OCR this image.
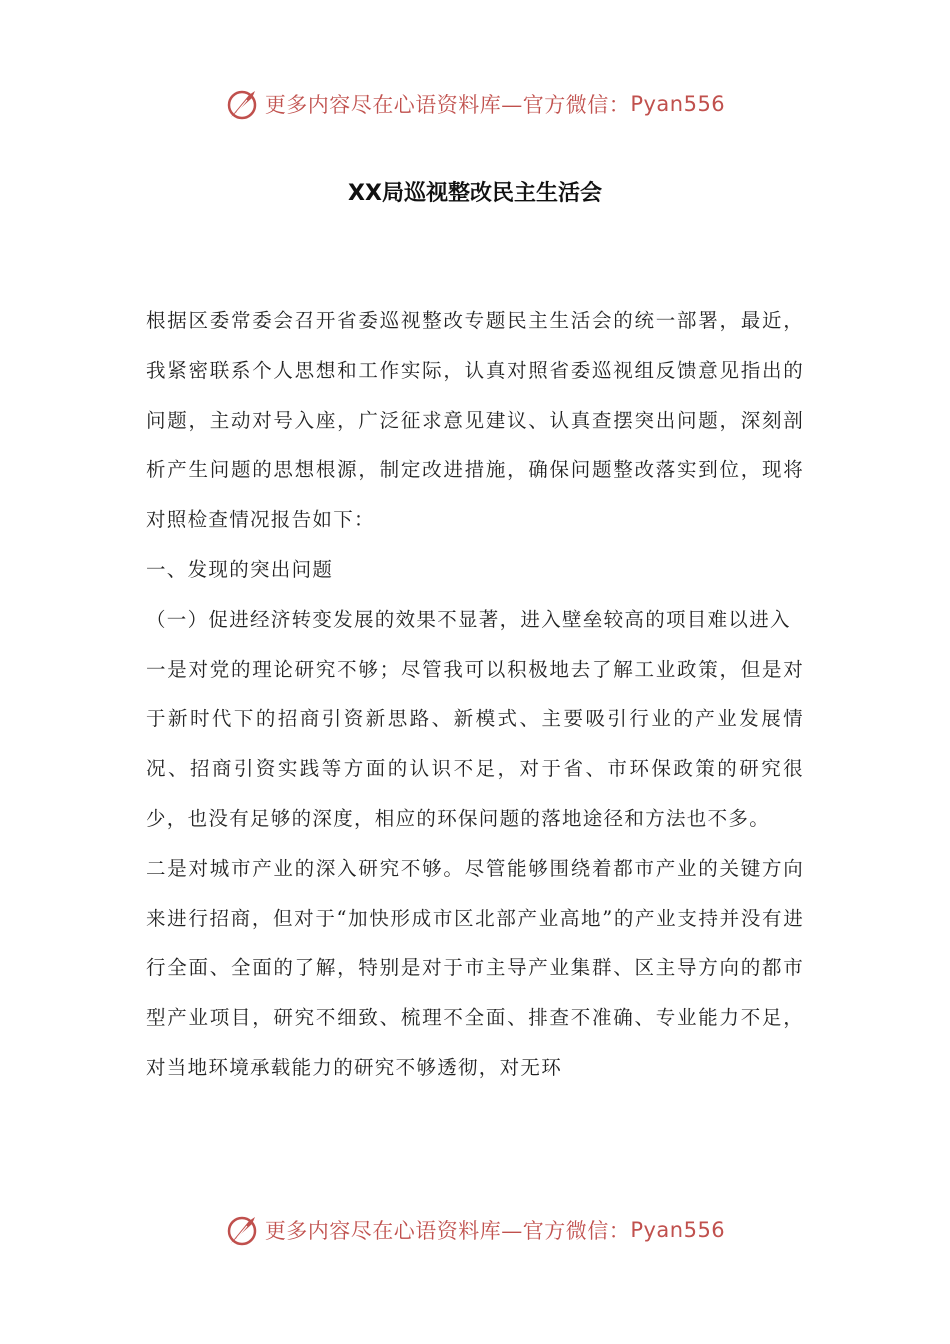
更多内容尽在心语资料库—官方微信： Pyan556
XX局巡视整改民主生活会

根据区委常委会召开省委巡视整改专题民主生活会的统一部署，最近，我紧密联系个人思想和工作实际，认真对照省委巡视组反馈意见指出的问题，主动对号入座，广泛征求意见建议、认真查摆突出问题，深刻剖析产生问题的思想根源，制定改进措施，确保问题整改落实到位，现将对照检查情况报告如下：

一、发现的突出问题

（一）促进经济转变发展的效果不显著，进入壁垒较高的项目难以进入

一是对党的理论研究不够；尽管我可以积极地去了解工业政策，但是对于新时代下的招商引资新思路、新模式、主要吸引行业的产业发展情况、招商引资实践等方面的认识不足，对于省、市环保政策的研究很少，也没有足够的深度，相应的环保问题的落地途径和方法也不多。

二是对城市产业的深入研究不够。尽管能够围绕着都市产业的关键方向来进行招商，但对于“加快形成市区北部产业高地”的产业支持并没有进行全面、全面的了解，特别是对于市主导产业集群、区主导方向的都市型产业项目，研究不细致、梳理不全面、排查不准确、专业能力不足，对当地环境承载能力的研究不够透彻，对无环

更多内容尽在心语资料库—官方微信： Pyan556
